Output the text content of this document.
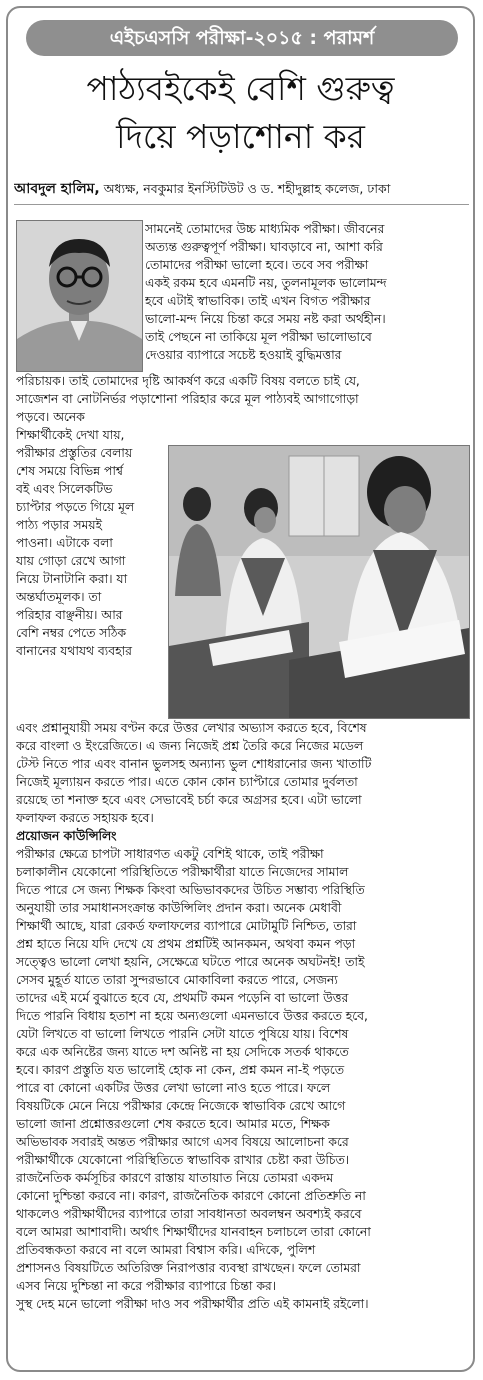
এইচএসসি পরীক্ষা-২০১৫ : পরামর্শ
পাঠ্যবইকেই বেশি গুরুত্ব
দিয়ে পড়াশোনা কর
আবদুল হালিম, অধ্যক্ষ, নবকুমার ইনস্টিটিউট ও ড. শহীদুল্লাহ কলেজ, ঢাকা

সামনেই তোমাদের উচ্চ মাধ্যমিক পরীক্ষা। জীবনের

অত্যন্ত গুরুত্বপূর্ণ পরীক্ষা। ঘাবড়াবে না, আশা করি

তোমাদের পরীক্ষা ভালো হবে। তবে সব পরীক্ষা

একই রকম হবে এমনটি নয়, তুলনামূলক ভালোমন্দ

হবে এটাই স্বাভাবিক। তাই এখন বিগত পরীক্ষার

ভালো-মন্দ নিয়ে চিন্তা করে সময় নষ্ট করা অর্থহীন।

তাই পেছনে না তাকিয়ে মূল পরীক্ষা ভালোভাবে

দেওয়ার ব্যাপারে সচেষ্ট হওয়াই বুদ্ধিমত্তার

পরিচায়ক। তাই তোমাদের দৃষ্টি আকর্ষণ করে একটি বিষয় বলতে চাই যে,

সাজেশন বা নোটনির্ভর পড়াশোনা পরিহার করে মূল পাঠ্যবই আগাগোড়া

পড়বে। অনেক

শিক্ষার্থীকেই দেখা যায়,

পরীক্ষার প্রস্তুতির বেলায়

শেষ সময়ে বিভিন্ন পার্শ্ব

বই এবং সিলেকটিভ

চ্যাপ্টার পড়তে গিয়ে মূল

পাঠ্য পড়ার সময়ই

পাওনা। এটাকে বলা

যায় গোড়া রেখে আগা

নিয়ে টানাটানি করা। যা

অন্তর্ঘাতমূলক। তা

পরিহার বাঞ্ছনীয়। আর

বেশি নম্বর পেতে সঠিক

বানানের যথাযথ ব্যবহার

এবং প্রশ্নানুযায়ী সময় বণ্টন করে উত্তর লেখার অভ্যাস করতে হবে, বিশেষ

করে বাংলা ও ইংরেজিতে। এ জন্য নিজেই প্রশ্ন তৈরি করে নিজের মডেল

টেস্ট নিতে পার এবং বানান ভুলসহ অন্যান্য ভুল শোধরানোর জন্য খাতাটি

নিজেই মূল্যায়ন করতে পার। এতে কোন কোন চ্যাপ্টারে তোমার দুর্বলতা

রয়েছে তা শনাক্ত হবে এবং সেভাবেই চর্চা করে অগ্রসর হবে। এটা ভালো

ফলাফল করতে সহায়ক হবে।

প্রয়োজন কাউন্সিলিং

পরীক্ষার ক্ষেত্রে চাপটা সাধারণত একটু বেশিই থাকে, তাই পরীক্ষা

চলাকালীন যেকোনো পরিস্থিতিতে পরীক্ষার্থীরা যাতে নিজেদের সামাল

দিতে পারে সে জন্য শিক্ষক কিংবা অভিভাবকদের উচিত সম্ভাব্য পরিস্থিতি

অনুযায়ী তার সমাধানসংক্রান্ত কাউন্সিলিং প্রদান করা। অনেক মেধাবী

শিক্ষার্থী আছে, যারা রেকর্ড ফলাফলের ব্যাপারে মোটামুটি নিশ্চিত, তারা

প্রশ্ন হাতে নিয়ে যদি দেখে যে প্রথম প্রশ্নটিই আনকমন, অথবা কমন পড়া

সত্ত্বেও ভালো লেখা হয়নি, সেক্ষেত্রে ঘটতে পারে অনেক অঘটনই! তাই

সেসব মুহূর্ত যাতে তারা সুন্দরভাবে মোকাবিলা করতে পারে, সেজন্য

তাদের এই মর্মে বুঝাতে হবে যে, প্রথমটি কমন পড়েনি বা ভালো উত্তর

দিতে পারনি বিধায় হতাশ না হয়ে অন্যগুলো এমনভাবে উত্তর করতে হবে,

যেটা লিখতে বা ভালো লিখতে পারনি সেটা যাতে পুষিয়ে যায়। বিশেষ

করে এক অনিষ্টের জন্য যাতে দশ অনিষ্ট না হয় সেদিকে সতর্ক থাকতে

হবে। কারণ প্রস্তুতি যত ভালোই হোক না কেন, প্রশ্ন কমন না-ই পড়তে

পারে বা কোনো একটির উত্তর লেখা ভালো নাও হতে পারে। ফলে

বিষয়টিকে মেনে নিয়ে পরীক্ষার কেন্দ্রে নিজেকে স্বাভাবিক রেখে আগে

ভালো জানা প্রশ্নোত্তরগুলো শেষ করতে হবে। আমার মতে, শিক্ষক

অভিভাবক সবারই অন্তত পরীক্ষার আগে এসব বিষয়ে আলোচনা করে

পরীক্ষার্থীকে যেকোনো পরিস্থিতিতে স্বাভাবিক রাখার চেষ্টা করা উচিত।

রাজনৈতিক কর্মসূচির কারণে রাস্তায় যাতায়াত নিয়ে তোমরা একদম

কোনো দুশ্চিন্তা করবে না। কারণ, রাজনৈতিক কারণে কোনো প্রতিশ্রুতি না

থাকলেও পরীক্ষার্থীদের ব্যাপারে তারা সাবধানতা অবলম্বন অবশ্যই করবে

বলে আমরা আশাবাদী। অর্থাৎ শিক্ষার্থীদের যানবাহন চলাচলে তারা কোনো

প্রতিবন্ধকতা করবে না বলে আমরা বিশ্বাস করি। এদিকে, পুলিশ

প্রশাসনও বিষয়টিতে অতিরিক্ত নিরাপত্তার ব্যবস্থা রাখছেন। ফলে তোমরা

এসব নিয়ে দুশ্চিন্তা না করে পরীক্ষার ব্যাপারে চিন্তা কর।

সুস্থ দেহ মনে ভালো পরীক্ষা দাও সব পরীক্ষার্থীর প্রতি এই কামনাই রইলো।
